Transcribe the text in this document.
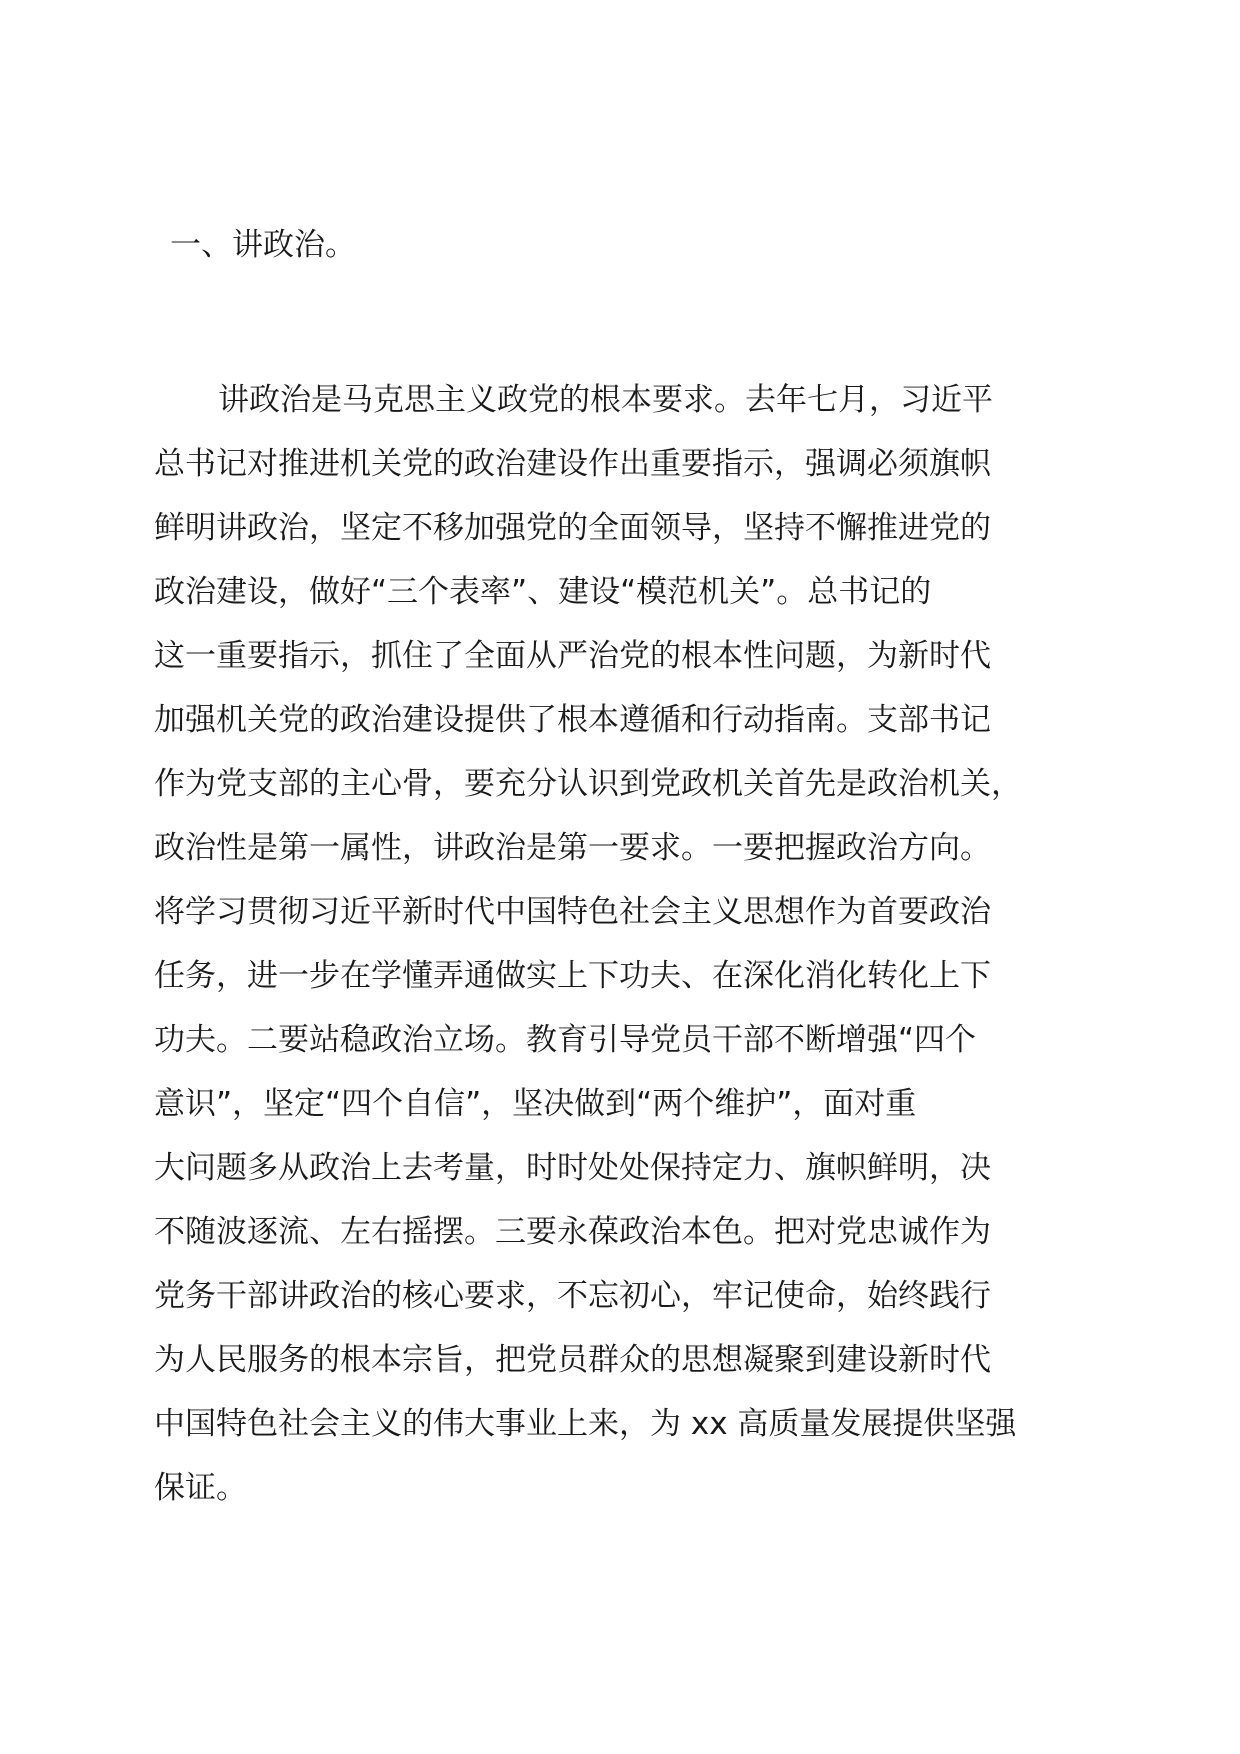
一、讲政治。
讲政治是马克思主义政党的根本要求。去年七月，习近平
总书记对推进机关党的政治建设作出重要指示，强调必须旗帜
鲜明讲政治，坚定不移加强党的全面领导，坚持不懈推进党的
政治建设，做好“三个表率”、建设“模范机关”。总书记的
这一重要指示，抓住了全面从严治党的根本性问题，为新时代
加强机关党的政治建设提供了根本遵循和行动指南。支部书记
作为党支部的主心骨，要充分认识到党政机关首先是政治机关，
政治性是第一属性，讲政治是第一要求。一要把握政治方向。
将学习贯彻习近平新时代中国特色社会主义思想作为首要政治
任务，进一步在学懂弄通做实上下功夫、在深化消化转化上下
功夫。二要站稳政治立场。教育引导党员干部不断增强“四个
意识”，坚定“四个自信”，坚决做到“两个维护”，面对重
大问题多从政治上去考量，时时处处保持定力、旗帜鲜明，决
不随波逐流、左右摇摆。三要永葆政治本色。把对党忠诚作为
党务干部讲政治的核心要求，不忘初心，牢记使命，始终践行
为人民服务的根本宗旨，把党员群众的思想凝聚到建设新时代
中国特色社会主义的伟大事业上来，为 xx 高质量发展提供坚强
保证。
